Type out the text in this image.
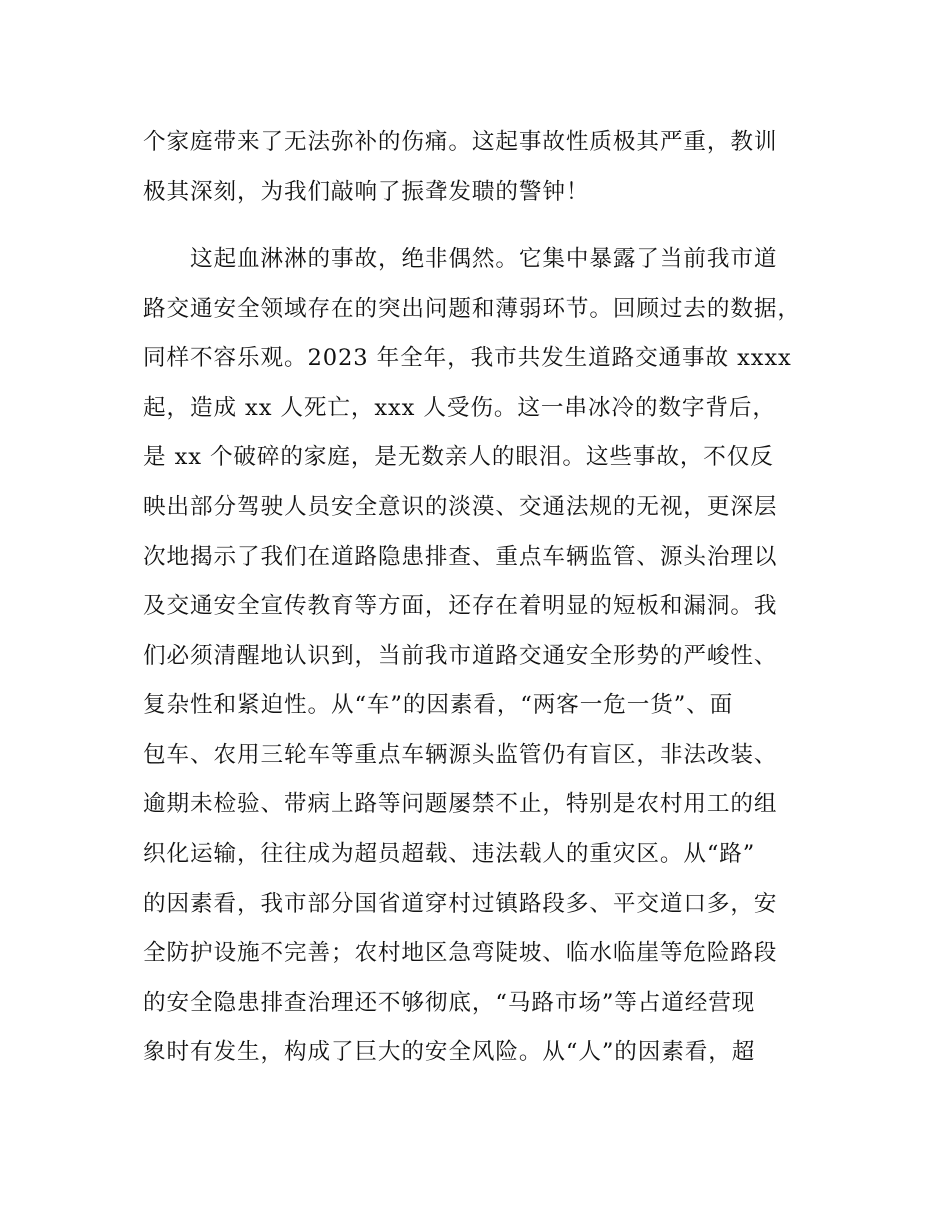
个家庭带来了无法弥补的伤痛。这起事故性质极其严重，教训
极其深刻，为我们敲响了振聋发聩的警钟！
这起血淋淋的事故，绝非偶然。它集中暴露了当前我市道
路交通安全领域存在的突出问题和薄弱环节。回顾过去的数据，
同样不容乐观。2023 年全年，我市共发生道路交通事故 xxxx
起，造成 xx 人死亡，xxx 人受伤。这一串冰冷的数字背后，
是 xx 个破碎的家庭，是无数亲人的眼泪。这些事故，不仅反
映出部分驾驶人员安全意识的淡漠、交通法规的无视，更深层
次地揭示了我们在道路隐患排查、重点车辆监管、源头治理以
及交通安全宣传教育等方面，还存在着明显的短板和漏洞。我
们必须清醒地认识到，当前我市道路交通安全形势的严峻性、
复杂性和紧迫性。从“车”的因素看，“两客一危一货”、面
包车、农用三轮车等重点车辆源头监管仍有盲区，非法改装、
逾期未检验、带病上路等问题屡禁不止，特别是农村用工的组
织化运输，往往成为超员超载、违法载人的重灾区。从“路”
的因素看，我市部分国省道穿村过镇路段多、平交道口多，安
全防护设施不完善；农村地区急弯陡坡、临水临崖等危险路段
的安全隐患排查治理还不够彻底，“马路市场”等占道经营现
象时有发生，构成了巨大的安全风险。从“人”的因素看，超
